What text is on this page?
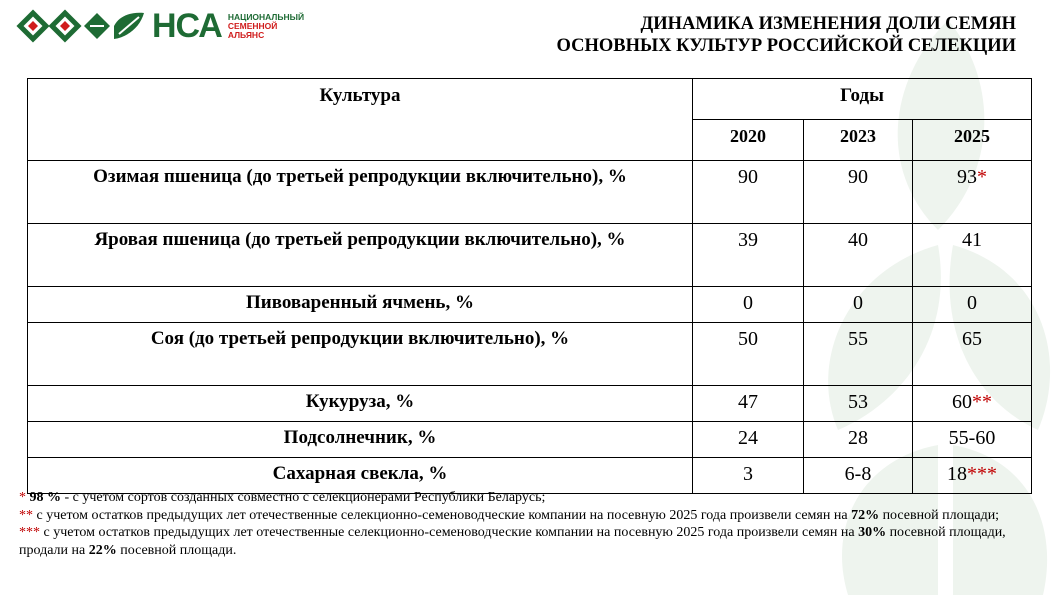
НСА НАЦИОНАЛЬНЫЙ
СЕМЕННОЙ
АЛЬЯНС
ДИНАМИКА ИЗМЕНЕНИЯ ДОЛИ СЕМЯН
ОСНОВНЫХ КУЛЬТУР РОССИЙСКОЙ СЕЛЕКЦИИ
Культура	Годы		
	2020	2023	2025
Озимая пшеница (до третьей репродукции включительно), %	90	90	93*
Яровая пшеница (до третьей репродукции включительно), %	39	40	41
Пивоваренный ячмень, %	0	0	0
Соя (до третьей репродукции включительно), %	50	55	65
Кукуруза, %	47	53	60**
Подсолнечник, %	24	28	55-60
Сахарная свекла, %	3	6-8	18***

* 98 % - с учетом сортов созданных совместно с селекционерами Республики Беларусь;

** с учетом остатков предыдущих лет отечественные селекционно-семеноводческие компании на посевную 2025 года произвели семян на 72% посевной площади;

*** с учетом остатков предыдущих лет отечественные селекционно-семеноводческие компании на посевную 2025 года произвели семян на 30% посевной площади, продали на 22% посевной площади.
